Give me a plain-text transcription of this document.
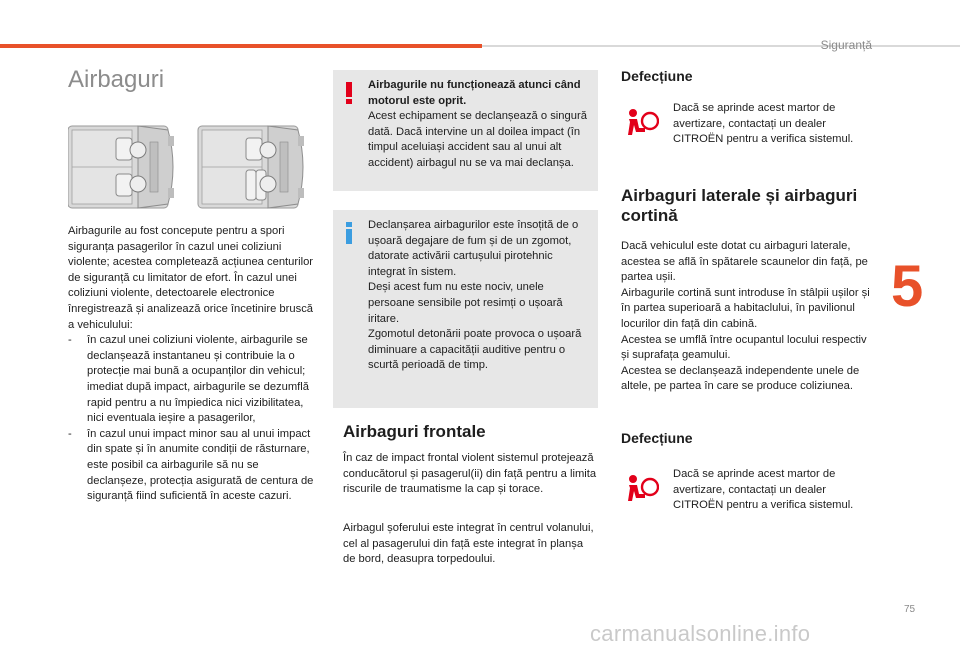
Siguranță
5
Airbaguri

Airbagurile au fost concepute pentru a spori siguranța pasagerilor în cazul unei coliziuni violente; acestea completează acțiunea centurilor de siguranță cu limitator de efort. În cazul unei coliziuni violente, detectoarele electronice înregistrează și analizează orice încetinire bruscă a vehiculului:

- în cazul unei coliziuni violente, airbagurile se declanșează instantaneu și contribuie la o protecție mai bună a ocupanților din vehicul; imediat după impact, airbagurile se dezumflă rapid pentru a nu împiedica nici vizibilitatea, nici eventuala ieșire a pasagerilor,
- în cazul unui impact minor sau al unui impact din spate și în anumite condiții de răsturnare, este posibil ca airbagurile să nu se declanșeze, protecția asigurată de centura de siguranță fiind suficientă în aceste cazuri.
Airbagurile nu funcționează atunci când motorul este oprit.
Acest echipament se declanșează o singură dată. Dacă intervine un al doilea impact (în timpul aceluiași accident sau al unui alt accident) airbagul nu se va mai declanșa.
Declanșarea airbagurilor este însoțită de o ușoară degajare de fum și de un zgomot, datorate activării cartușului pirotehnic integrat în sistem.
Deși acest fum nu este nociv, unele persoane sensibile pot resimți o ușoară iritare.
Zgomotul detonării poate provoca o ușoară diminuare a capacității auditive pentru o scurtă perioadă de timp.
Airbaguri frontale

În caz de impact frontal violent sistemul protejează conducătorul și pasagerul(ii) din față pentru a limita riscurile de traumatisme la cap și torace.

Airbagul șoferului este integrat în centrul volanului, cel al pasagerului din față este integrat în planșa de bord, deasupra torpedoului.

Defecțiune

Dacă se aprinde acest martor de avertizare, contactați un dealer CITROËN pentru a verifica sistemul.

Airbaguri laterale și airbaguri cortină
Dacă vehiculul este dotat cu airbaguri laterale, acestea se află în spătarele scaunelor din față, pe partea ușii.
Airbagurile cortină sunt introduse în stâlpii ușilor și în partea superioară a habitaclului, în pavilionul locurilor din față din cabină.
Acestea se umflă între ocupantul locului respectiv și suprafața geamului.
Acestea se declanșează independente unele de altele, pe partea în care se produce coliziunea.
Defecțiune

Dacă se aprinde acest martor de avertizare, contactați un dealer CITROËN pentru a verifica sistemul.

75
carmanualsonline.info
